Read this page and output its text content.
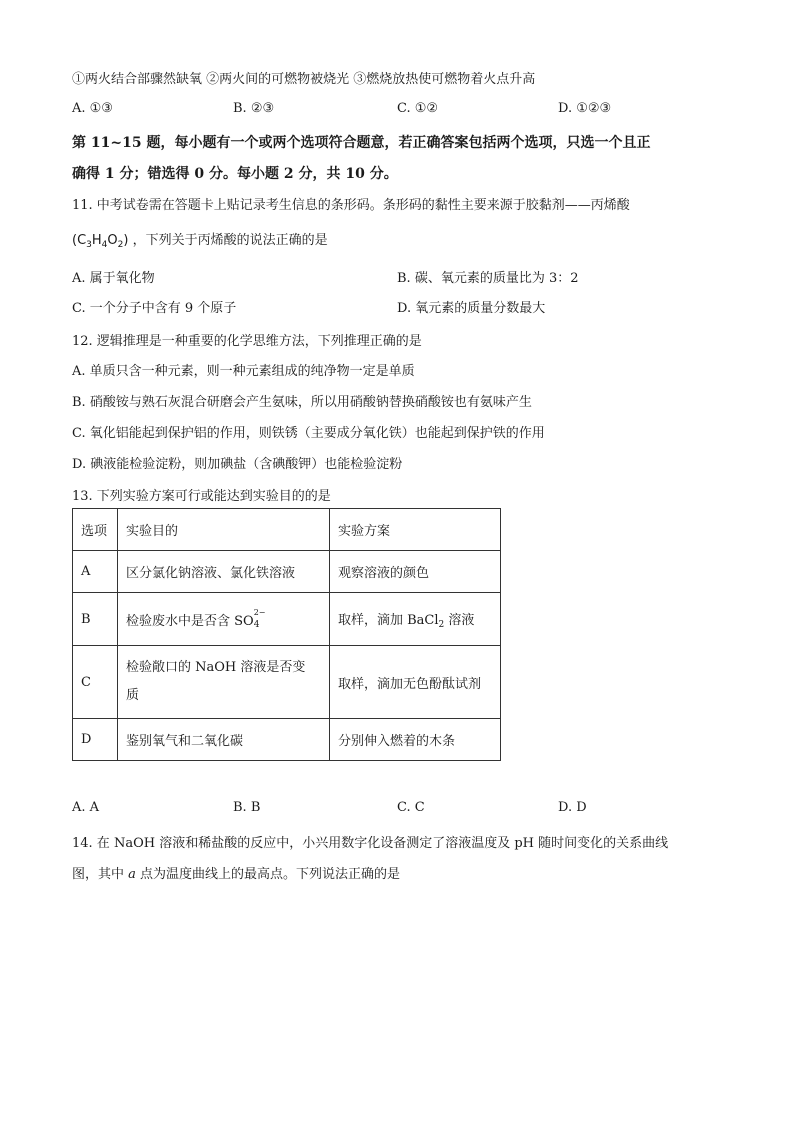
①两火结合部骤然缺氧 ②两火间的可燃物被烧光 ③燃烧放热使可燃物着火点升高
A. ①③	B. ②③	C. ①②	D. ①②③
第 11~15 题，每小题有一个或两个选项符合题意，若正确答案包括两个选项，只选一个且正
确得 1 分；错选得 0 分。每小题 2 分，共 10 分。
11. 中考试卷需在答题卡上贴记录考生信息的条形码。条形码的黏性主要来源于胶黏剂——丙烯酸
$(C_3H_4O_2)$ ，下列关于丙烯酸的说法正确的是
A. 属于氧化物	B. 碳、氧元素的质量比为 3：2
C. 一个分子中含有 9 个原子	D. 氧元素的质量分数最大
12. 逻辑推理是一种重要的化学思维方法，下列推理正确的是
A. 单质只含一种元素，则一种元素组成的纯净物一定是单质
B. 硝酸铵与熟石灰混合研磨会产生氨味，所以用硝酸钠替换硝酸铵也有氨味产生
C. 氧化铝能起到保护铝的作用，则铁锈（主要成分氧化铁）也能起到保护铁的作用
D. 碘液能检验淀粉，则加碘盐（含碘酸钾）也能检验淀粉
13. 下列实验方案可行或能达到实验目的的是
选项	实验目的	实验方案
A	区分氯化钠溶液、氯化铁溶液	观察溶液的颜色
B	检验废水中是否含 SO
2−
4	取样，滴加 BaCl$_2$ 溶液
C	检验敞口的 NaOH 溶液是否变
质	取样，滴加无色酚酞试剂
D	鉴别氧气和二氧化碳	分别伸入燃着的木条
A. A	B. B	C. C	D. D
14. 在 NaOH 溶液和稀盐酸的反应中，小兴用数字化设备测定了溶液温度及 pH 随时间变化的关系曲线
图，其中 a 点为温度曲线上的最高点。下列说法正确的是
